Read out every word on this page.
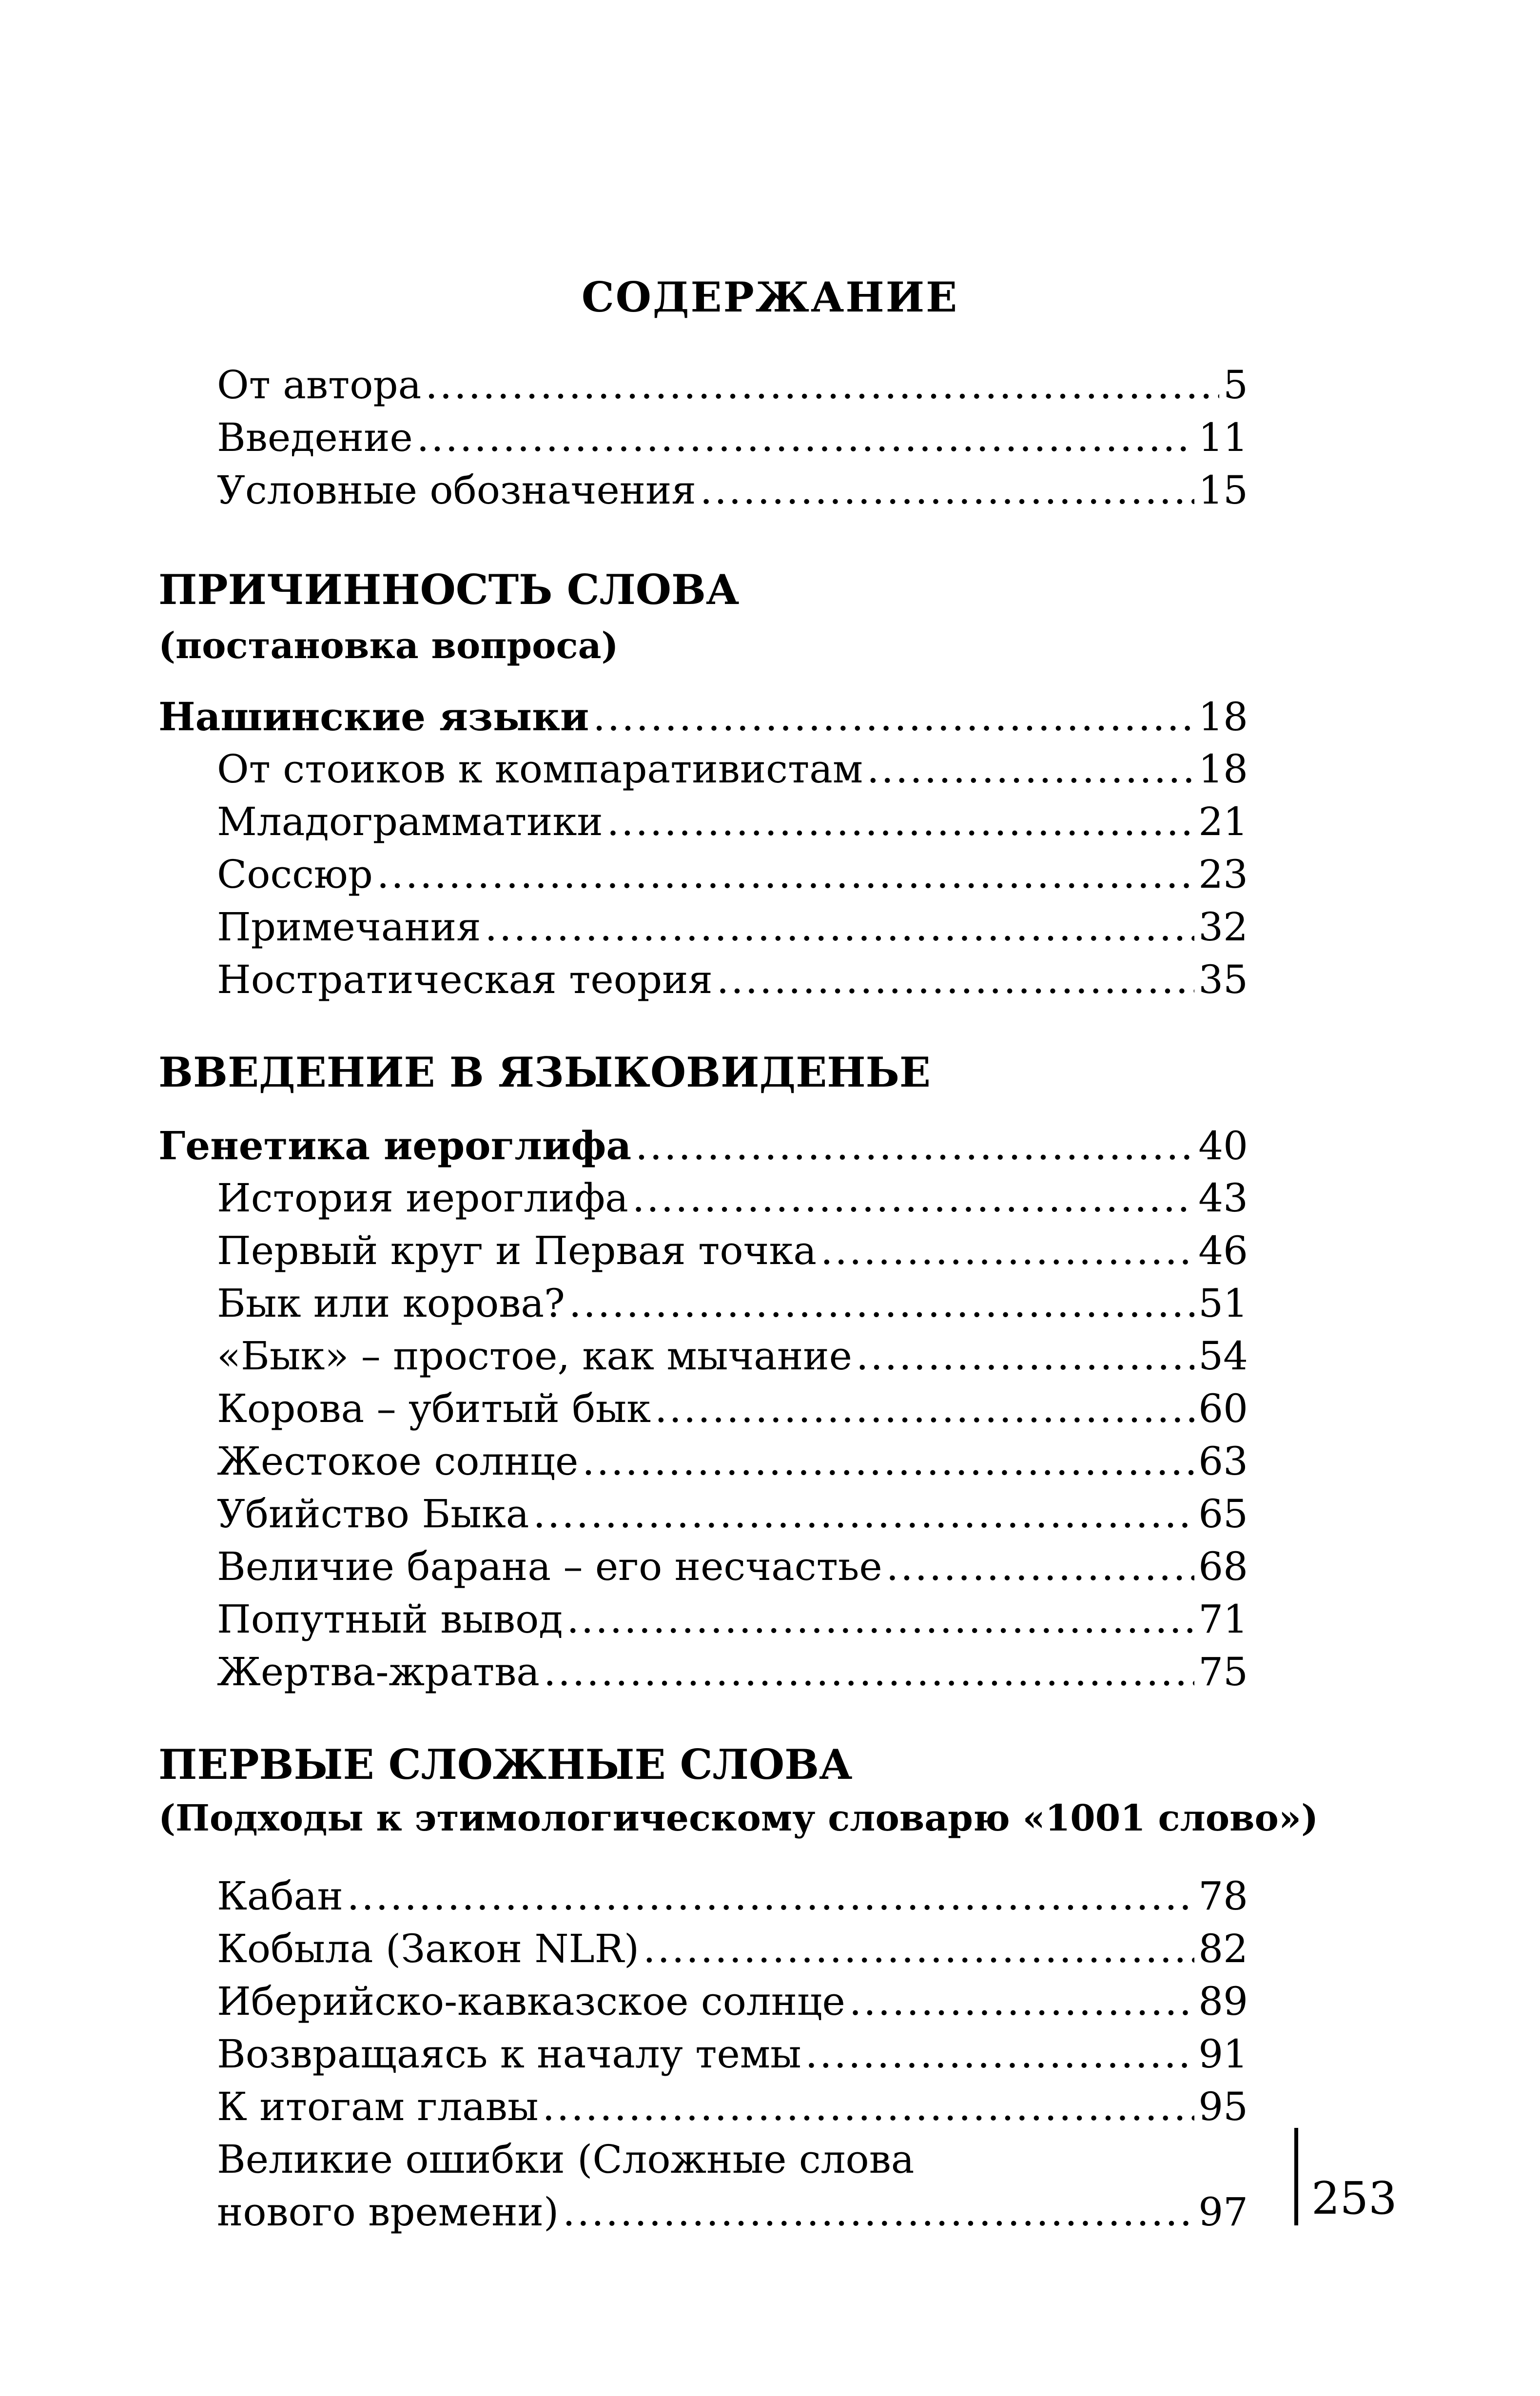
СОДЕРЖАНИЕ
От автора .....	5
Введение .....	11
Условные обозначения .....	15
ПРИЧИННОСТЬ СЛОВА
(постановка вопроса)
Нашинские языки .....	18
От стоиков к компаративистам .....	18
Младограмматики .....	21
Соссюр .....	23
Примечания .....	32
Ностратическая теория .....	35
ВВЕДЕНИЕ В ЯЗЫКОВИДЕНЬЕ
Генетика иероглифа .....	40
История иероглифа .....	43
Первый круг и Первая точка .....	46
Бык или корова? .....	51
«Бык» – простое, как мычание .....	54
Корова – убитый бык .....	60
Жестокое солнце .....	63
Убийство Быка .....	65
Величие барана – его несчастье .....	68
Попутный вывод .....	71
Жертва-жратва .....	75
ПЕРВЫЕ СЛОЖНЫЕ СЛОВА
(Подходы к этимологическому словарю «1001 слово»)
Кабан .....	78
Кобыла (Закон NLR) .....	82
Иберийско-кавказское солнце .....	89
Возвращаясь к началу темы .....	91
К итогам главы .....	95
Великие ошибки (Сложные слова
нового времени) .....	97 253
